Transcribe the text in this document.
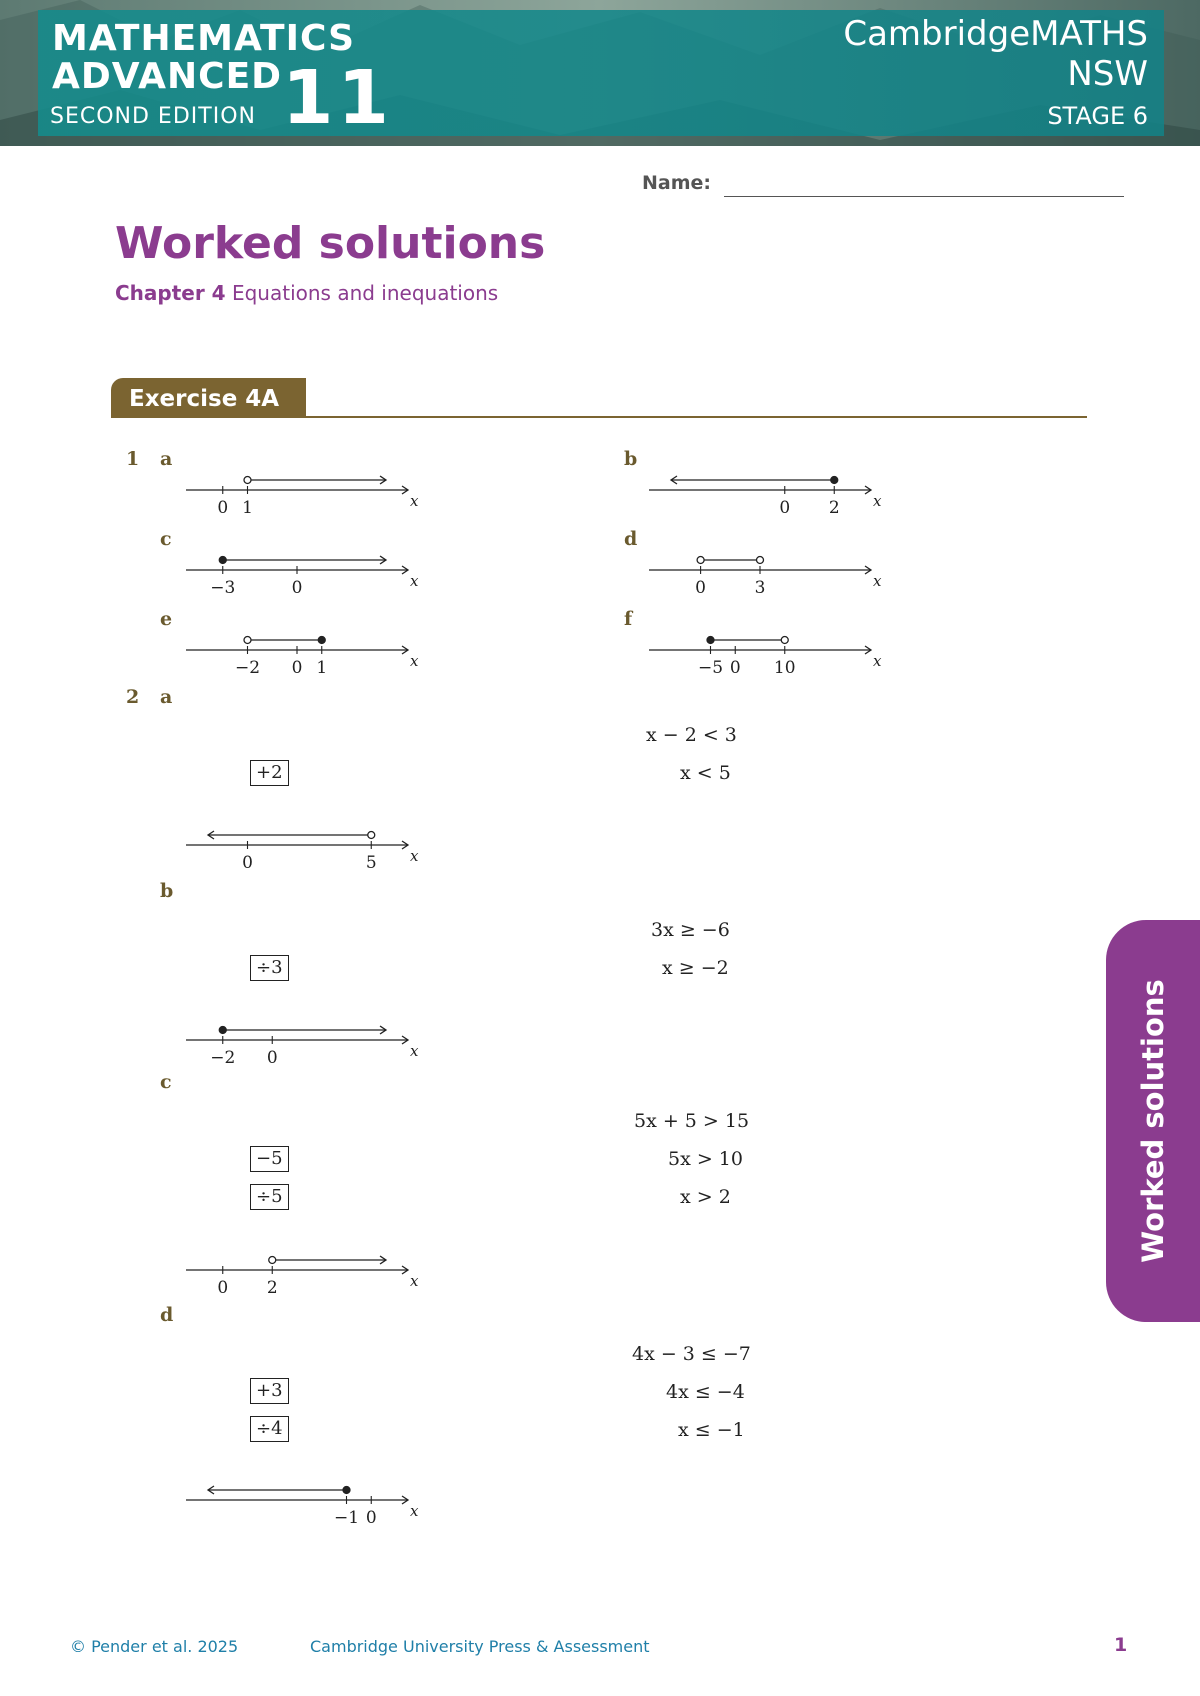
MATHEMATICS
ADVANCED
SECOND EDITION 11
CambridgeMATHS
NSW
STAGE 6
Name:
Worked solutions
Chapter 4 Equations and inequations
Exercise 4A
1 a
x
0 1
b
x
0 2
c
x
−3	0
d
x
0	3
e
x
−2 0 1
f
x
−5 0 10
2 a
x − 2 < 3
+2	x < 5
x
0	5
b
3x ≥ −6
÷3	x ≥ −2
x
−2 0
c
5x + 5 > 15
−5	5x > 10
÷5	x > 2
x
0 2
d
4x − 3 ≤ −7
+3	4x ≤ −4
÷4	x ≤ −1
x
−1 0
Worked solutions
© Pender et al. 2025	Cambridge University Press & Assessment	1
